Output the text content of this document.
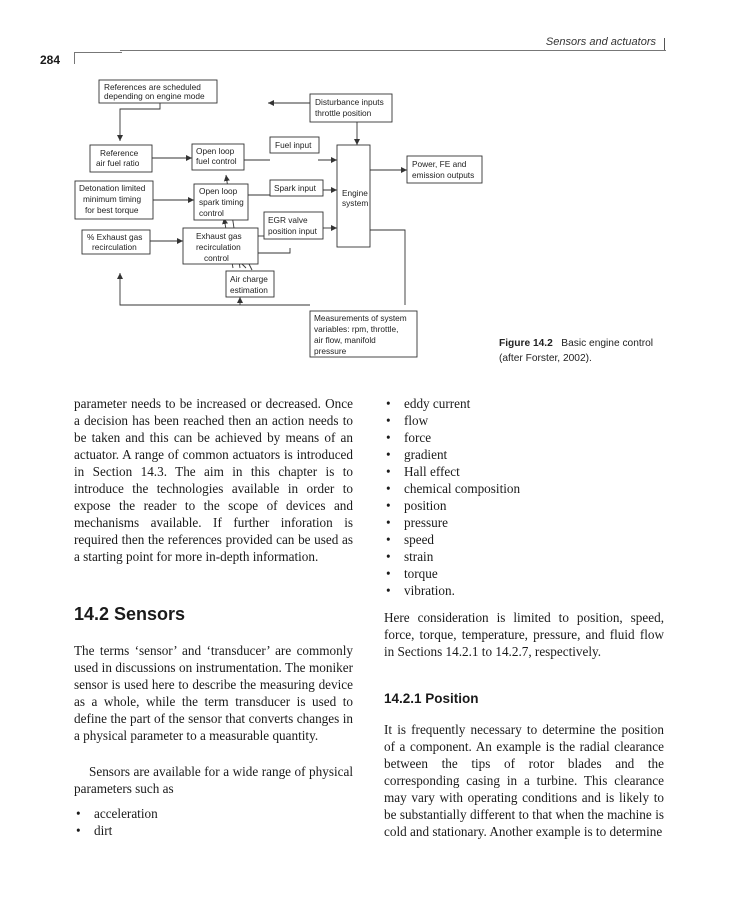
Sensors and actuators
284
References are scheduled
depending on engine mode
Disturbance inputs
throttle position
Reference
air fuel ratio
Open loop
fuel control
Fuel input
Engine
system
Power, FE and
emission outputs
Detonation limited
minimum timing
for best torque
Open loop
spark timing
control
Spark input
EGR valve
position input
% Exhaust gas
recirculation
Exhaust gas
recirculation
control
Air charge
estimation
Measurements of system
variables: rpm, throttle,
air flow, manifold
pressure
Figure 14.2 Basic engine control (after Forster, 2002).

parameter needs to be increased or decreased. Once a decision has been reached then an action needs to be taken and this can be achieved by means of an actuator. A range of common actuators is introduced in Section 14.3. The aim in this chapter is to introduce the technologies available in order to expose the reader to the scope of devices and mechanisms available. If further inforation is required then the references provided can be used as a starting point for more in-depth information.

14.2 Sensors

The terms ‘sensor’ and ‘transducer’ are commonly used in discussions on instrumentation. The moniker sensor is used here to describe the measuring device as a whole, while the term transducer is used to define the part of the sensor that converts changes in a physical parameter to a measurable quantity.

Sensors are available for a wide range of physical parameters such as

• acceleration
• dirt
• eddy current
• flow
• force
• gradient
• Hall effect
• chemical composition
• position
• pressure
• speed
• strain
• torque
• vibration.

Here consideration is limited to position, speed, force, torque, temperature, pressure, and fluid flow in Sections 14.2.1 to 14.2.7, respectively.

14.2.1 Position

It is frequently necessary to determine the position of a component. An example is the radial clearance between the tips of rotor blades and the corresponding casing in a turbine. This clearance may vary with operating conditions and is likely to be substantially different to that when the machine is cold and stationary. Another example is to determine
